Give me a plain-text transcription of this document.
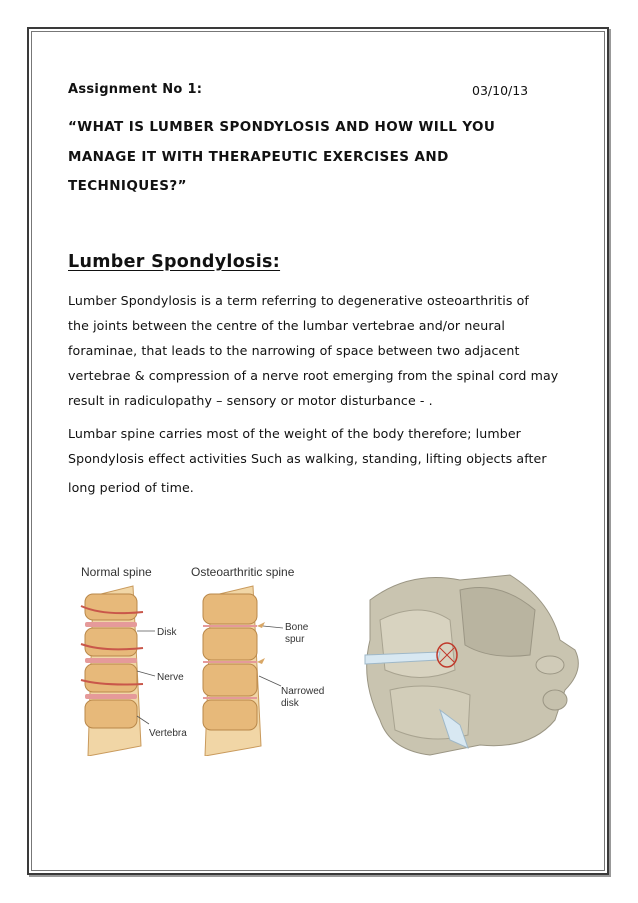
Assignment No 1:	03/10/13
“WHAT IS LUMBER SPONDYLOSIS AND HOW WILL YOU
MANAGE IT WITH THERAPEUTIC EXERCISES AND
TECHNIQUES?”
Lumber Spondylosis:
Lumber Spondylosis is a term referring to degenerative osteoarthritis of
the joints between the centre of the lumbar vertebrae and/or neural
foraminae, that leads to the narrowing of space between two adjacent
vertebrae & compression of a nerve root emerging from the spinal cord may
result in radiculopathy – sensory or motor disturbance - .
Lumbar spine carries most of the weight of the body therefore; lumber
Spondylosis effect activities Such as walking, standing, lifting objects after
long period of time.
Normal spine	Osteoarthritic spine
Disk
Nerve
Vertebra
Bone
spur
Narrowed
disk
